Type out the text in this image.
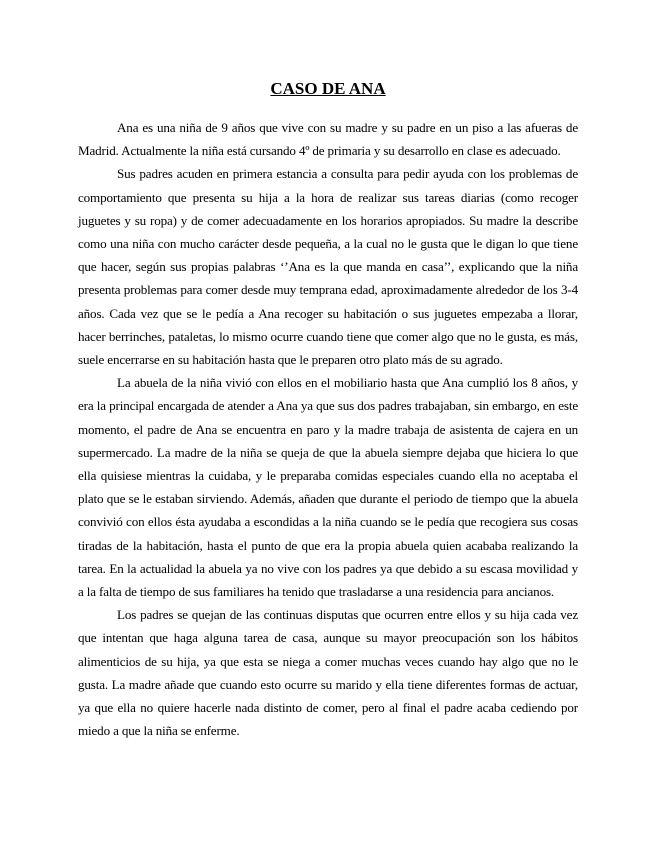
CASO DE ANA

Ana es una niña de 9 años que vive con su madre y su padre en un piso a las afueras de Madrid. Actualmente la niña está cursando 4º de primaria y su desarrollo en clase es adecuado.

Sus padres acuden en primera estancia a consulta para pedir ayuda con los problemas de comportamiento que presenta su hija a la hora de realizar sus tareas diarias (como recoger juguetes y su ropa) y de comer adecuadamente en los horarios apropiados. Su madre la describe como una niña con mucho carácter desde pequeña, a la cual no le gusta que le digan lo que tiene que hacer, según sus propias palabras ‘’Ana es la que manda en casa’’, explicando que la niña presenta problemas para comer desde muy temprana edad, aproximadamente alrededor de los 3-4 años. Cada vez que se le pedía a Ana recoger su habitación o sus juguetes empezaba a llorar, hacer berrinches, pataletas, lo mismo ocurre cuando tiene que comer algo que no le gusta, es más, suele encerrarse en su habitación hasta que le preparen otro plato más de su agrado.

La abuela de la niña vivió con ellos en el mobiliario hasta que Ana cumplió los 8 años, y era la principal encargada de atender a Ana ya que sus dos padres trabajaban, sin embargo, en este momento, el padre de Ana se encuentra en paro y la madre trabaja de asistenta de cajera en un supermercado. La madre de la niña se queja de que la abuela siempre dejaba que hiciera lo que ella quisiese mientras la cuidaba, y le preparaba comidas especiales cuando ella no aceptaba el plato que se le estaban sirviendo. Además, añaden que durante el periodo de tiempo que la abuela convivió con ellos ésta ayudaba a escondidas a la niña cuando se le pedía que recogiera sus cosas tiradas de la habitación, hasta el punto de que era la propia abuela quien acababa realizando la tarea. En la actualidad la abuela ya no vive con los padres ya que debido a su escasa movilidad y a la falta de tiempo de sus familiares ha tenido que trasladarse a una residencia para ancianos.

Los padres se quejan de las continuas disputas que ocurren entre ellos y su hija cada vez que intentan que haga alguna tarea de casa, aunque su mayor preocupación son los hábitos alimenticios de su hija, ya que esta se niega a comer muchas veces cuando hay algo que no le gusta. La madre añade que cuando esto ocurre su marido y ella tiene diferentes formas de actuar, ya que ella no quiere hacerle nada distinto de comer, pero al final el padre acaba cediendo por miedo a que la niña se enferme.
